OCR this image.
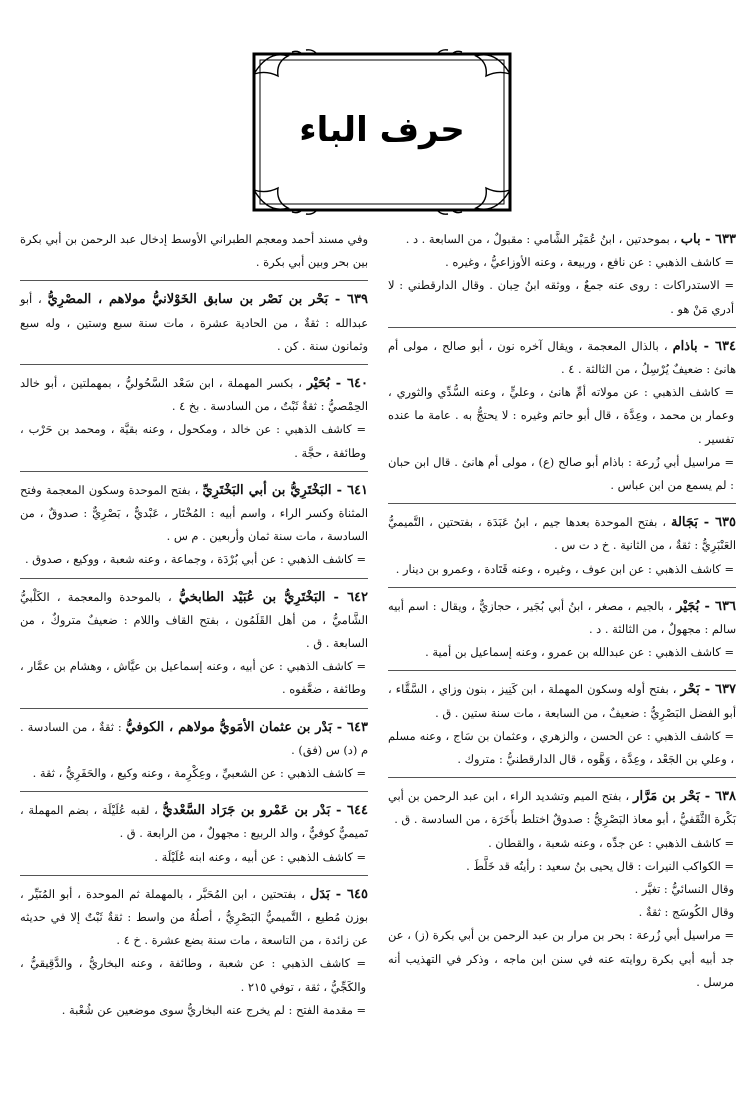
حرف الباء

٦٣٣ - باب ، بموحدتين ، ابنُ عُمَيْر الشَّامي : مقبولٌ ، من السابعة . د .

= كاشف الذهبي : عن نافع ، وربيعة ، وعنه الأوزاعيُّ ، وغيره .

= الاستدراكات : روى عنه جمعٌ ، ووثقه ابنُ حِبان . وقال الدارقطني : لا أدري مَنْ هو .

٦٣٤ - باذام ، بالذال المعجمة ، ويقال آخره نون ، أبو صالح ، مولى أم هانئ : ضعيفٌ يُرْسِلُ ، من الثالثة . ٤ .

= كاشف الذهبي : عن مولاته أمِّ هانئ ، وعليٍّ ، وعنه السُّدِّي والثوري ، وعمار بن محمد ، وعِدَّة ، قال أبو حاتم وغيره : لا يحتجُّ به . عامة ما عنده تفسير .

= مراسيل أبي زُرعة : باذام أبو صالح (ع) ، مولى أم هانئ . قال ابن حبان : لم يسمع من ابن عباس .

٦٣٥ - بَجَالة ، بفتح الموحدة بعدها جيم ، ابنُ عَبَدَة ، بفتحتين ، التَّميميُّ العَنْبَرِيُّ : ثقةٌ ، من الثانية . خ د ت س .

= كاشف الذهبي : عن ابن عوف ، وغيره ، وعنه قَتَادة ، وعمرو بن دينار .

٦٣٦ - بُجَيْر ، بالجيم ، مصغر ، ابنُ أبي بُجَير ، حجازيٌّ ، ويقال : اسم أبيه سالم : مجهولٌ ، من الثالثة . د .

= كاشف الذهبي : عن عبدالله بن عمرو ، وعنه إسماعيل بن أمية .

٦٣٧ - بَحْر ، بفتح أوله وسكون المهملة ، ابن كَنِيز ، بنون وزاي ، السَّقَّاء ، أبو الفضل البَصْرِيُّ : ضعيفٌ ، من السابعة ، مات سنة ستين . ق .

= كاشف الذهبي : عن الحسن ، والزهري ، وعثمان بن سَاج ، وعنه مسلم ، وعلي بن الجَعْد ، وعِدَّة ، وَهَّوه ، قال الدارقطنيُّ : متروك .

٦٣٨ - بَحْر بن مَرَّار ، بفتح الميم وتشديد الراء ، ابن عبد الرحمن بن أبي بَكْرة الثَّقَفيُّ ، أبو معاذ البَصْرِيُّ : صدوقٌ اختلط بأَخَرَة ، من السادسة . ق .

= كاشف الذهبي : عن جدِّه ، وعنه شعبة ، والقطان .

= الكواكب النيرات : قال يحيى بنُ سعيد : رأيتُه قد خَلَّطَ .

وقال النسائيُّ : تغيَّر .

وقال الكُوسَج : ثقةٌ .

= مراسيل أبي زُرعة : بحر بن مرار بن عبد الرحمن بن أبي بكرة (ز) ، عن جد أبيه أبي بكرة روايته عنه في سنن ابن ماجه ، وذكر في التهذيب أنه مرسل .

وفي مسند أحمد ومعجم الطبراني الأوسط إدخال عبد الرحمن بن أبي بكرة بين بحر وبين أبي بكرة .

٦٣٩ - بَحْر بن نَصْر بن سابق الخَوْلانيُّ مولاهم ، المصْرِيُّ ، أبو عبدالله : ثقةٌ ، من الحادية عشرة ، مات سنة سبع وستين ، وله سبع وثمانون سنة . كن .

٦٤٠ - بُحَيْر ، بكسر المهملة ، ابن سَعْد السَّحُوليُّ ، بمهملتين ، أبو خالد الحِمْصيُّ : ثقةٌ ثَبْتٌ ، من السادسة . بخ ٤ .

= كاشف الذهبي : عن خالد ، ومكحول ، وعنه بقيَّة ، ومحمد بن حَرْب ، وطائفة ، حجَّة .

٦٤١ - البَخْتَرِيُّ بن أبي البَخْتَرِيِّ ، بفتح الموحدة وسكون المعجمة وفتح المثناة وكسر الراء ، واسم أبيه : المُخْتَار ، عَبْديٌّ ، بَصْرِيٌّ : صدوقٌ ، من السادسة ، مات سنة ثمان وأربعين . م س .

= كاشف الذهبي : عن أبي بُرْدَة ، وجماعة ، وعنه شعبة ، ووكيع ، صدوق .

٦٤٢ - البَخْتَرِيُّ بن عُبَيْد الطابخيُّ ، بالموحدة والمعجمة ، الكَلْبيُّ الشَّاميُّ ، من أهل القَلَمُون ، بفتح القاف واللام : ضعيفٌ متروكٌ ، من السابعة . ق .

= كاشف الذهبي : عن أبيه ، وعنه إسماعيل بن عيَّاش ، وهشام بن عمَّار ، وطائفة ، ضعَّفوه .

٦٤٣ - بَدْر بن عثمان الأمَويُّ مولاهم ، الكوفيُّ : ثقةٌ ، من السادسة . م (د) س (فق) .

= كاشف الذهبي : عن الشعبيِّ ، وعِكْرِمة ، وعنه وكيع ، والحَفَرِيُّ ، ثقة .

٦٤٤ - بَدْر بن عَمْرو بن جَرَاد السَّعْديُّ ، لقبه عُلَيْلَة ، بضم المهملة ، تَميميٌّ كوفيٌّ ، والد الربيع : مجهولٌ ، من الرابعة . ق .

= كاشف الذهبي : عن أبيه ، وعنه ابنه عُلَيْلَة .

٦٤٥ - بَدَل ، بفتحتين ، ابن المُحَبَّر ، بالمهملة ثم الموحدة ، أبو المُنَيِّر ، بوزن مُطيع ، التَّميميُّ البَصْرِيُّ ، أصلُهُ من واسط : ثقةٌ ثَبْتٌ إلا في حديثه عن زائدة ، من التاسعة ، مات سنة بضع عشرة . خ ٤ .

= كاشف الذهبي : عن شعبة ، وطائفة ، وعنه البخاريُّ ، والدَّقِيقيُّ ، والكَجِّيُّ ، ثقة ، توفي ٢١٥ .

= مقدمة الفتح : لم يخرج عنه البخاريُّ سوى موضعين عن شُعْبة .
